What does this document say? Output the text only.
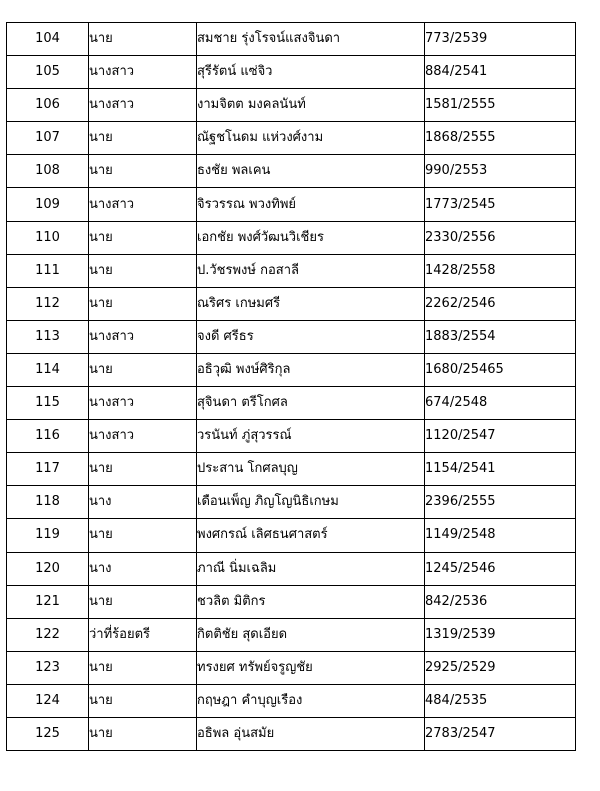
104	นาย	สมชาย รุ่งโรจน์แสงจินดา	773/2539
105	นางสาว	สุรีรัตน์ แซ่จิว	884/2541
106	นางสาว	งามจิตต มงคลนันท์	1581/2555
107	นาย	ณัฐชโนดม แห่วงศ์งาม	1868/2555
108	นาย	ธงชัย พลเคน	990/2553
109	นางสาว	จิรวรรณ พวงทิพย์	1773/2545
110	นาย	เอกชัย พงศ์วัฒนวิเชียร	2330/2556
111	นาย	ป.วัชรพงษ์ กอสาลี	1428/2558
112	นาย	ณริศร เกษมศรี	2262/2546
113	นางสาว	จงดี ศรีธร	1883/2554
114	นาย	อธิวุฒิ พงษ์ศิริกุล	1680/25465
115	นางสาว	สุจินดา ตรีโกศล	674/2548
116	นางสาว	วรนันท์ ภู่สุวรรณ์	1120/2547
117	นาย	ประสาน โกศลบุญ	1154/2541
118	นาง	เดือนเพ็ญ ภิญโญนิธิเกษม	2396/2555
119	นาย	พงศกรณ์ เลิศธนศาสตร์	1149/2548
120	นาง	ภาณี นิ่มเฉลิม	1245/2546
121	นาย	ชวลิต มิติกร	842/2536
122	ว่าที่ร้อยตรี	กิตติชัย สุดเอียด	1319/2539
123	นาย	ทรงยศ ทรัพย์จรูญชัย	2925/2529
124	นาย	กฤษฎา คำบุญเรือง	484/2535
125	นาย	อธิพล อุ่นสมัย	2783/2547
